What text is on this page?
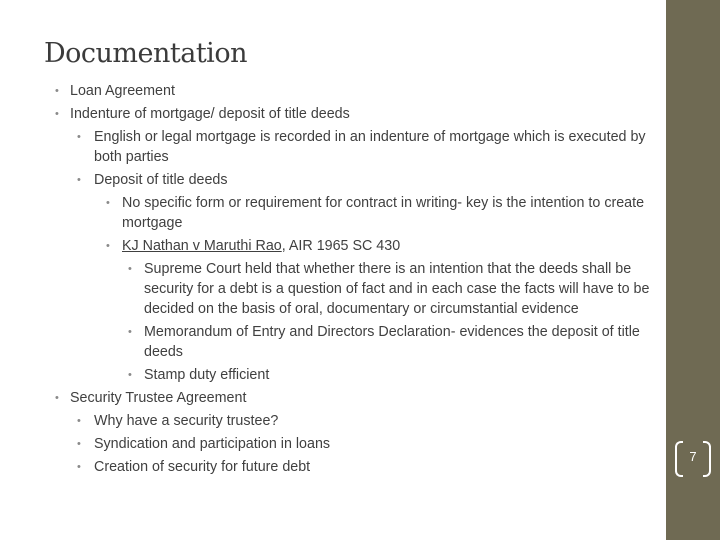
Documentation
• Loan Agreement
• Indenture of mortgage/ deposit of title deeds
• English or legal mortgage is recorded in an indenture of mortgage which is executed by both parties
• Deposit of title deeds
• No specific form or requirement for contract in writing- key is the intention to create mortgage
• KJ Nathan v Maruthi Rao, AIR 1965 SC 430
• Supreme Court held that whether there is an intention that the deeds shall be security for a debt is a question of fact and in each case the facts will have to be decided on the basis of oral, documentary or circumstantial evidence
• Memorandum of Entry and Directors Declaration- evidences the deposit of title deeds
• Stamp duty efficient
• Security Trustee Agreement
• Why have a security trustee?
• Syndication and participation in loans
• Creation of security for future debt
7
